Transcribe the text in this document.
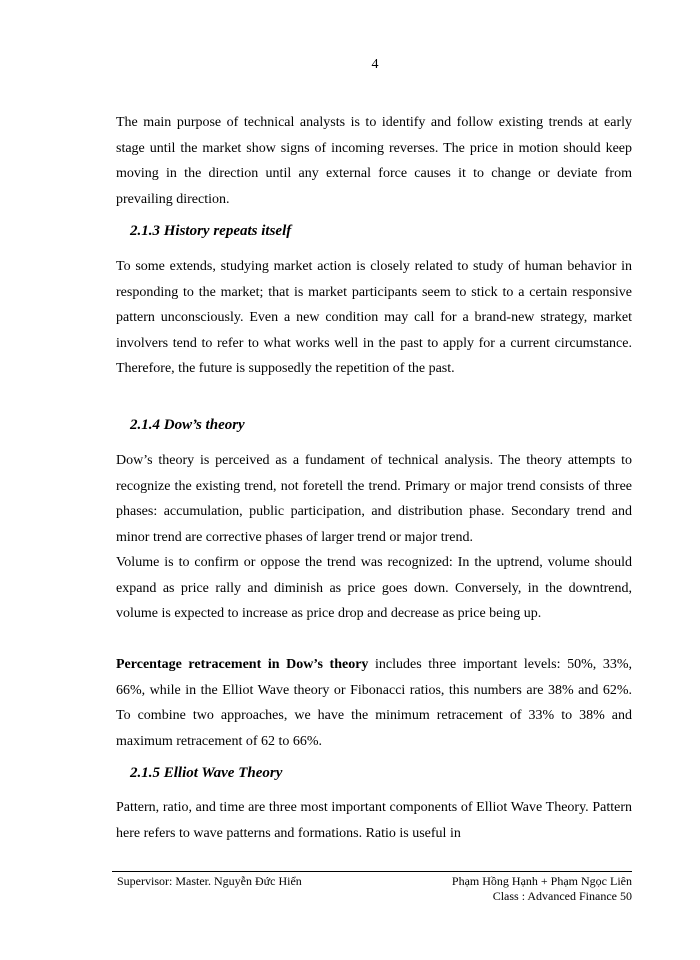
4

The main purpose of technical analysts is to identify and follow existing trends at early stage until the market show signs of incoming reverses. The price in motion should keep moving in the direction until any external force causes it to change or deviate from prevailing direction.

2.1.3 History repeats itself

To some extends, studying market action is closely related to study of human behavior in responding to the market; that is market participants seem to stick to a certain responsive pattern unconsciously. Even a new condition may call for a brand-new strategy, market involvers tend to refer to what works well in the past to apply for a current circumstance. Therefore, the future is supposedly the repetition of the past.

2.1.4 Dow’s theory

Dow’s theory is perceived as a fundament of technical analysis. The theory attempts to recognize the existing trend, not foretell the trend. Primary or major trend consists of three phases: accumulation, public participation, and distribution phase. Secondary trend and minor trend are corrective phases of larger trend or major trend.

Volume is to confirm or oppose the trend was recognized: In the uptrend, volume should expand as price rally and diminish as price goes down. Conversely, in the downtrend, volume is expected to increase as price drop and decrease as price being up.

Percentage retracement in Dow’s theory includes three important levels: 50%, 33%, 66%, while in the Elliot Wave theory or Fibonacci ratios, this numbers are 38% and 62%. To combine two approaches, we have the minimum retracement of 33% to 38% and maximum retracement of 62 to 66%.

2.1.5 Elliot Wave Theory

Pattern, ratio, and time are three most important components of Elliot Wave Theory. Pattern here refers to wave patterns and formations. Ratio is useful in

Supervisor: Master. Nguyễn Đức Hiển	Phạm Hồng Hạnh + Phạm Ngọc Liên
Class : Advanced Finance 50
